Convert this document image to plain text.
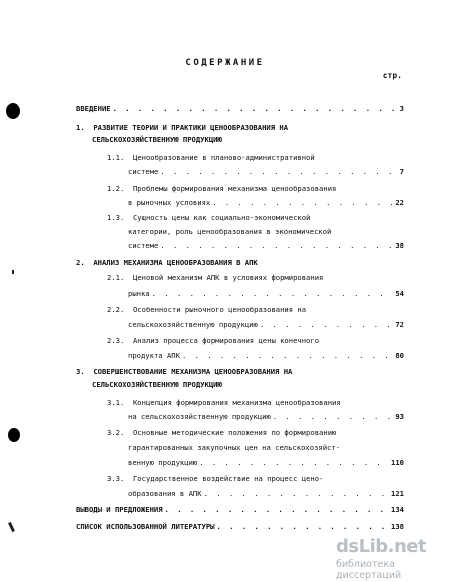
СОДЕРЖАНИЕ
стр.
ВВЕДЕНИЕ . . .	3
1. РАЗВИТИЕ ТЕОРИИ И ПРАКТИКИ ЦЕНООБРАЗОВАНИЯ НА
СЕЛЬСКОХОЗЯЙСТВЕННУЮ ПРОДУКЦИЮ
1.1. Ценообразование в планово-административной
системе . . .	7
1.2. Проблемы формирования механизма ценообразования
в рыночных условиях . . .	22
1.3. Сущность цены как социально-экономической
категории, роль ценообразования в экономической
системе . . .	38
2. АНАЛИЗ МЕХАНИЗМА ЦЕНООБРАЗОВАНИЯ В АПК
2.1. Ценовой механизм АПК в условиях формирования
рынка . . .	54
2.2. Особенности рыночного ценообразования на
сельскохозяйственную продукцию . . .	72
2.3. Анализ процесса формирования цены конечного
продукта АПК . . .	80
3. СОВЕРШЕНСТВОВАНИЕ МЕХАНИЗМА ЦЕНООБРАЗОВАНИЯ НА
СЕЛЬСКОХОЗЯЙСТВЕННУЮ ПРОДУКЦИЮ
3.1. Концепция формирования механизма ценообразования
на сельскохозяйственную продукцию . . .	93
3.2. Основные методические положения по формированию
гарантированных закупочных цен на сельскохозяйст-
венную продукцию . . .	110
3.3. Государственное воздействие на процесс цено-
образования в АПК . . .	121
ВЫВОДЫ И ПРЕДЛОЖЕНИЯ . . .	134
СПИСОК ИСПОЛЬЗОВАННОЙ ЛИТЕРАТУРЫ . . .	138
dsLib.net
библиотека диссертаций
